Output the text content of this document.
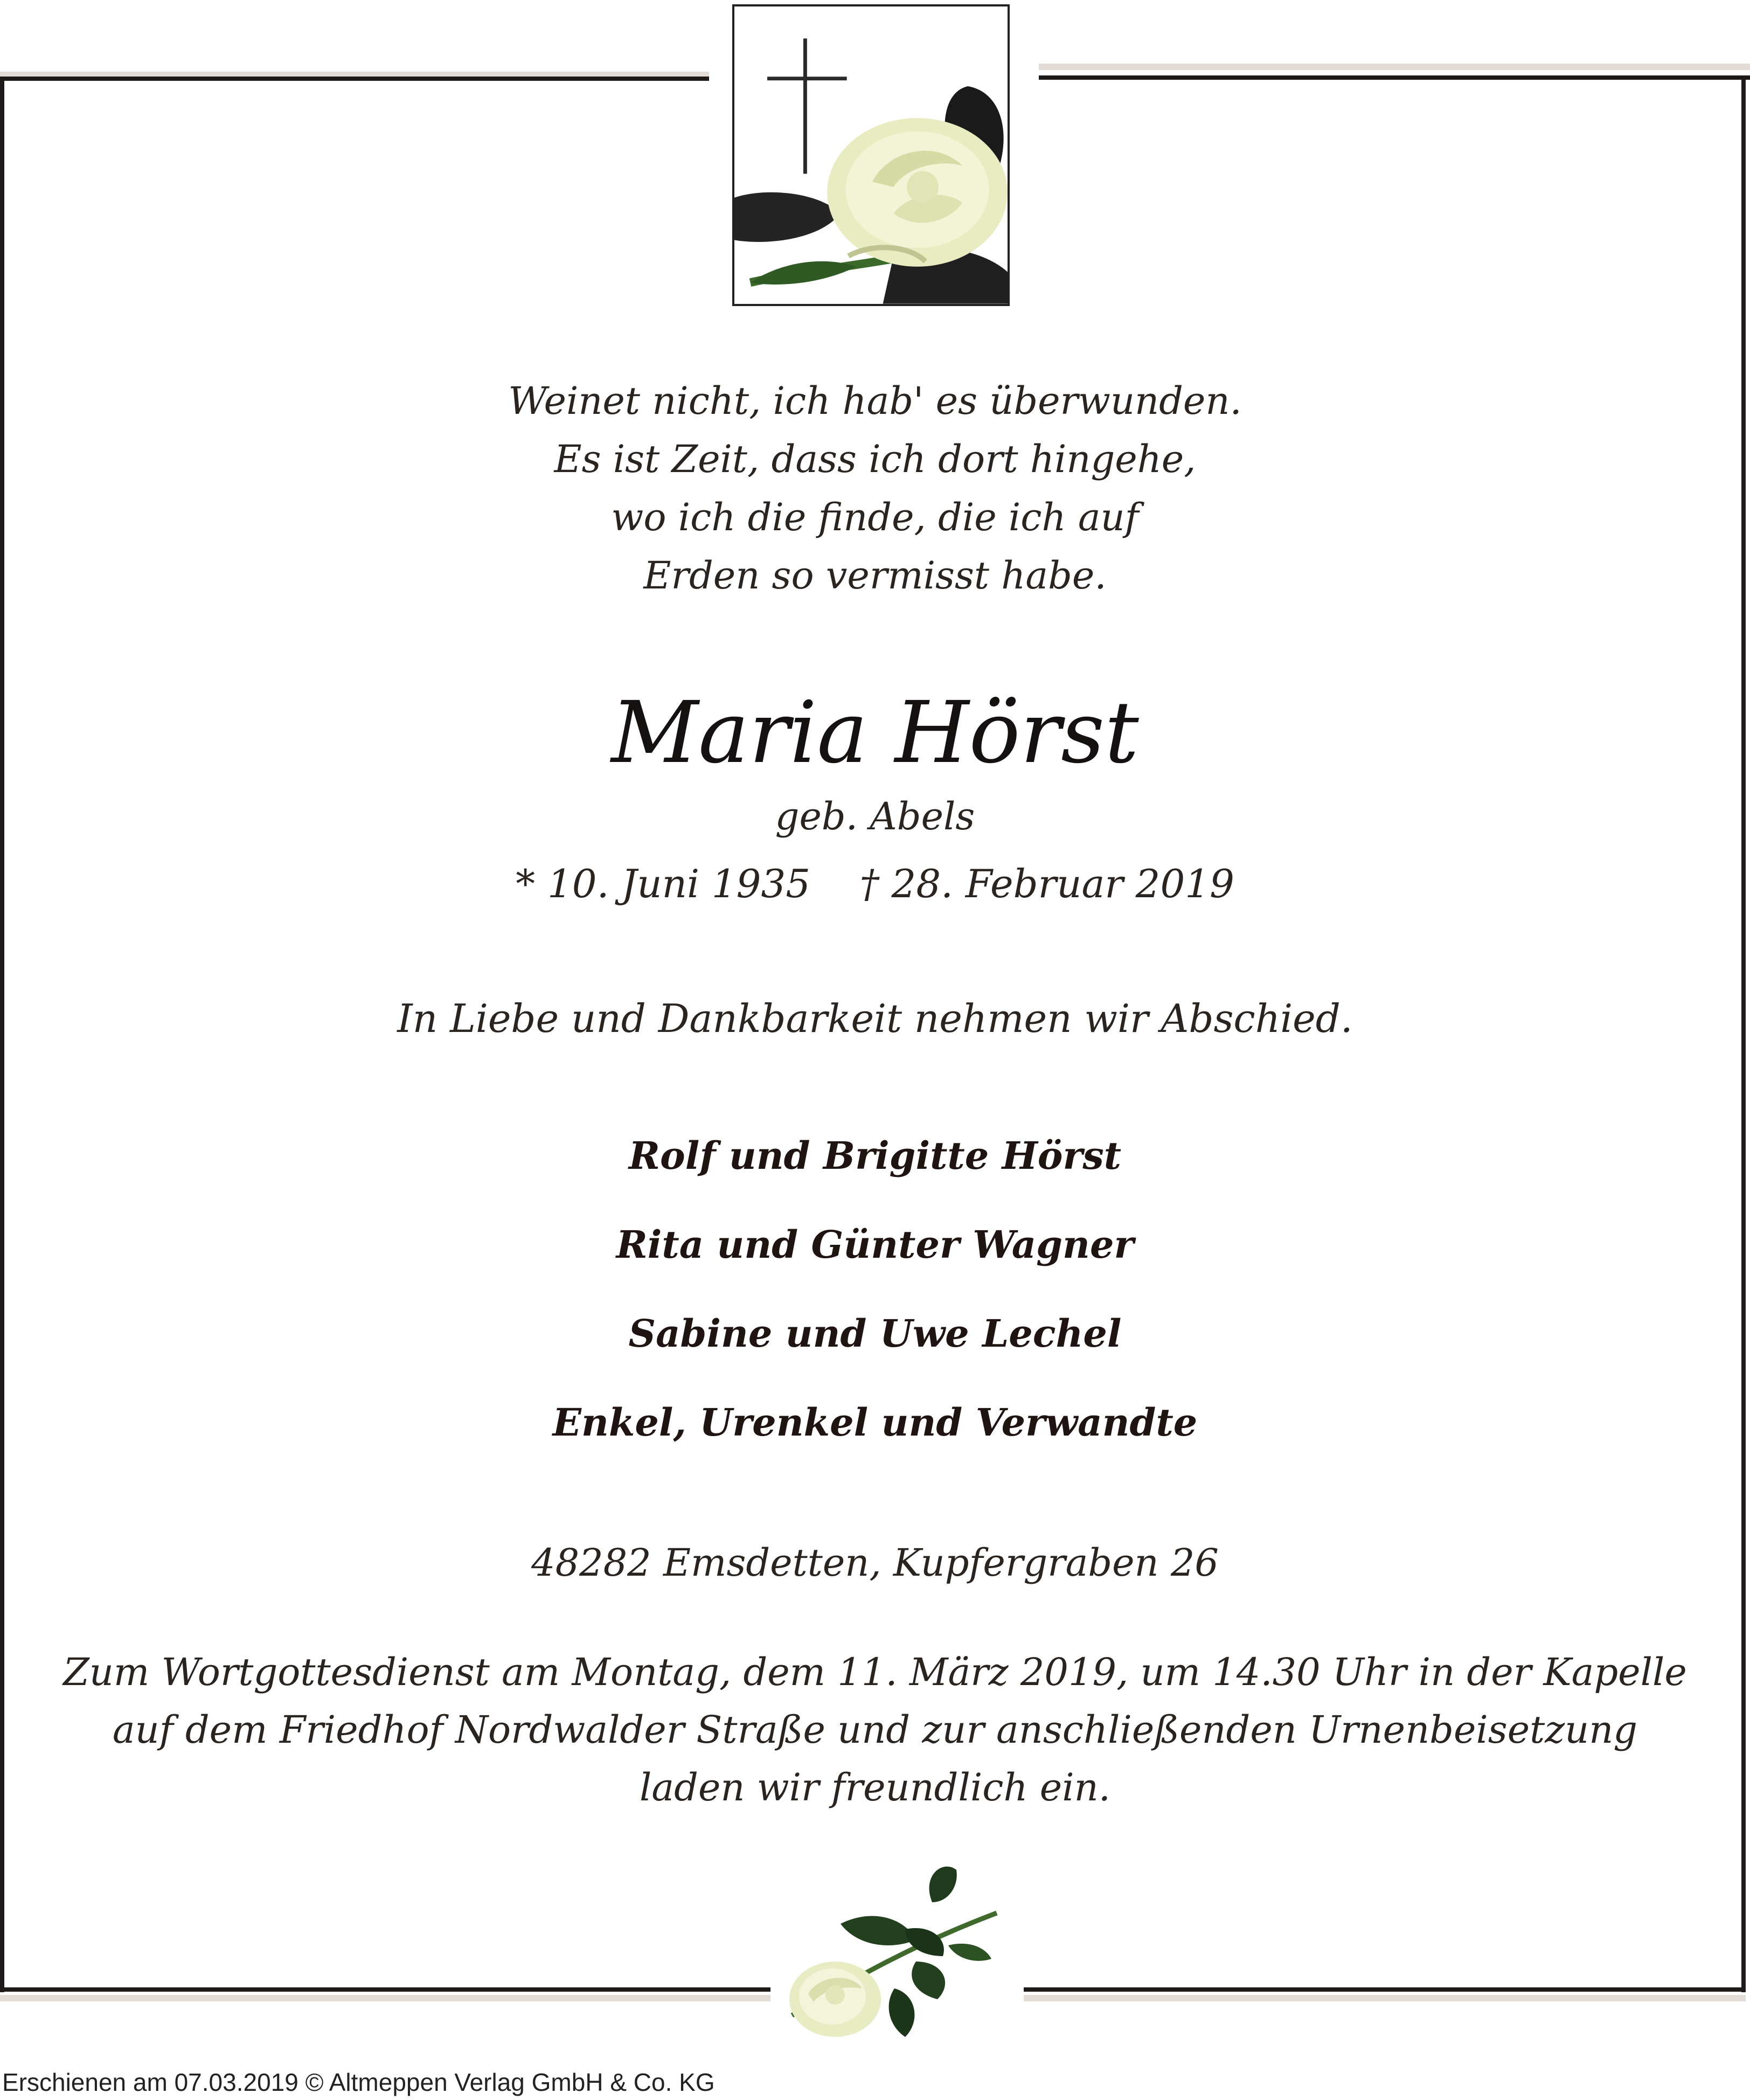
Weinet nicht, ich hab' es überwunden.

Es ist Zeit, dass ich dort hingehe,

wo ich die finde, die ich auf

Erden so vermisst habe.

Maria Hörst

geb. Abels

* 10. Juni 1935    † 28. Februar 2019

In Liebe und Dankbarkeit nehmen wir Abschied.

Rolf und Brigitte Hörst

Rita und Günter Wagner

Sabine und Uwe Lechel

Enkel, Urenkel und Verwandte

48282 Emsdetten, Kupfergraben 26

Zum Wortgottesdienst am Montag, dem 11. März 2019, um 14.30 Uhr in der Kapelle

auf dem Friedhof Nordwalder Straße und zur anschließenden Urnenbeisetzung

laden wir freundlich ein.

Erschienen am 07.03.2019 © Altmeppen Verlag GmbH & Co. KG
